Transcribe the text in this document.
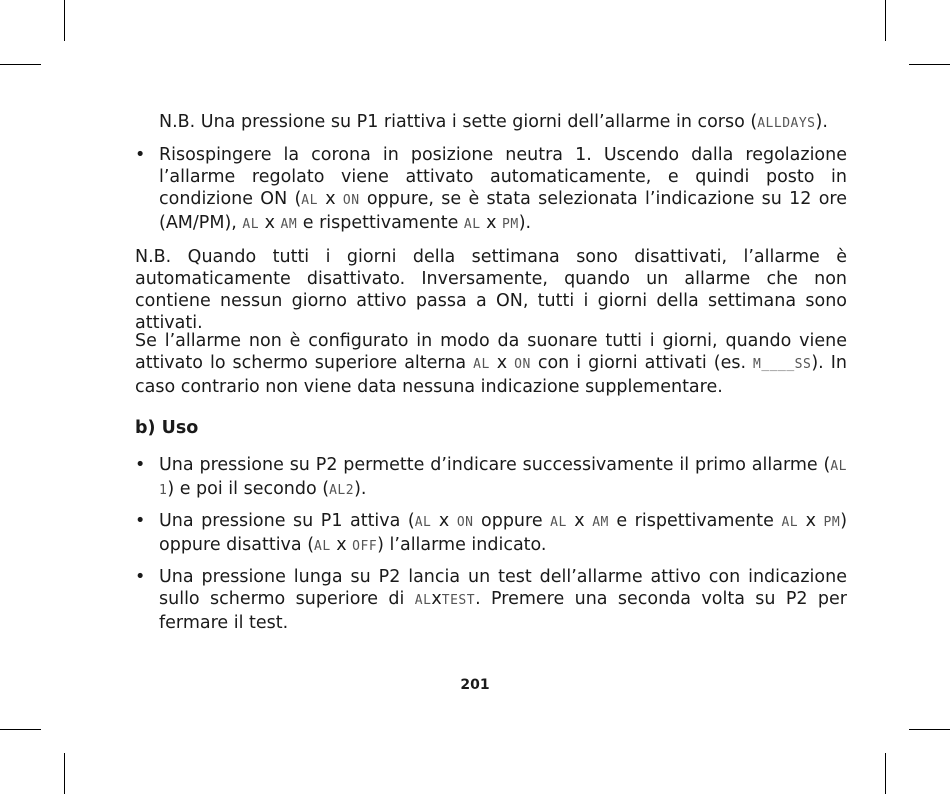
N.B. Una pressione su P1 riattiva i sette giorni dell’allarme in corso (ALLDAYS).

• Risospingere la corona in posizione neutra 1. Uscendo dalla regolazione l’allarme regolato viene attivato automaticamente, e quindi posto in condizione ON (AL x ON oppure, se è stata selezionata l’indicazione su 12 ore (AM/PM), AL x AM e rispettivamente AL x PM).

N.B. Quando tutti i giorni della settimana sono disattivati, l’allarme è automaticamente disattivato. Inversamente, quando un allarme che non contiene nessun giorno attivo passa a ON, tutti i giorni della settimana sono attivati.

Se l’allarme non è configurato in modo da suonare tutti i giorni, quando viene attivato lo schermo superiore alterna AL x ON con i giorni attivati (es. M____SS). In caso contrario non viene data nessuna indicazione supplementare.

b) Uso

• Una pressione su P2 permette d’indicare successivamente il primo allarme (AL 1) e poi il secondo (AL2).
• Una pressione su P1 attiva (AL x ON oppure AL x AM e rispettivamente AL x PM) oppure disattiva (AL x OFF) l’allarme indicato.
• Una pressione lunga su P2 lancia un test dell’allarme attivo con indicazione sullo schermo superiore di ALxTEST. Premere una seconda volta su P2 per fermare il test.
201
